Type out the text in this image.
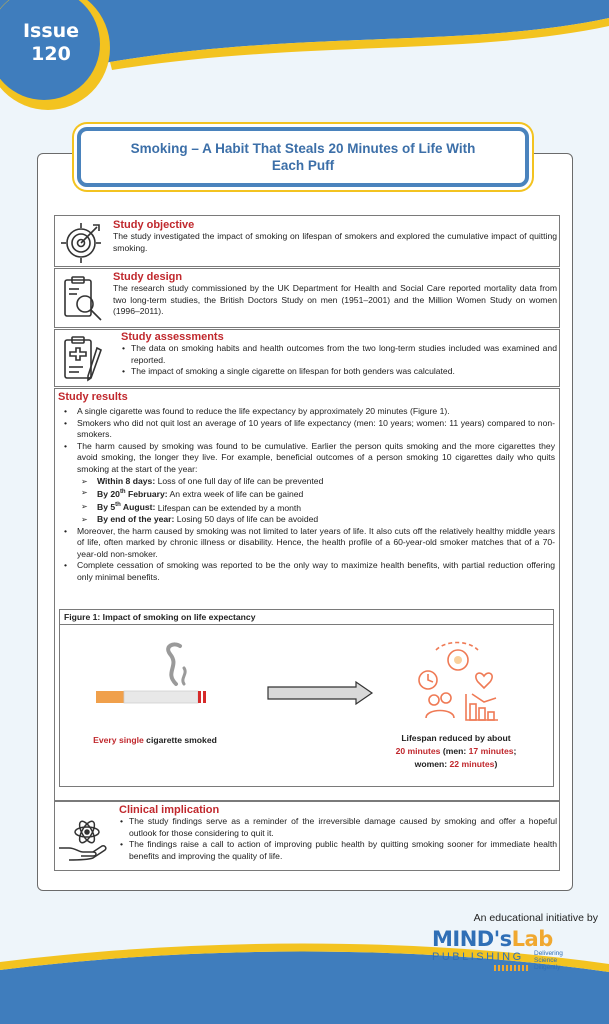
Issue
120
Smoking – A Habit That Steals 20 Minutes of Life With
Each Puff
Study objective

The study investigated the impact of smoking on lifespan of smokers and explored the cumulative impact of quitting smoking.

Study design

The research study commissioned by the UK Department for Health and Social Care reported mortality data from two long-term studies, the British Doctors Study on men (1951–2001) and the Million Women Study on women (1996–2011).

Study assessments
• The data on smoking habits and health outcomes from the two long-term studies included was examined and reported.
• The impact of smoking a single cigarette on lifespan for both genders was calculated.
Study results
• A single cigarette was found to reduce the life expectancy by approximately 20 minutes (Figure 1).
• Smokers who did not quit lost an average of 10 years of life expectancy (men: 10 years; women: 11 years) compared to non-smokers.
• The harm caused by smoking was found to be cumulative. Earlier the person quits smoking and the more cigarettes they avoid smoking, the longer they live. For example, beneficial outcomes of a person smoking 10 cigarettes daily who quits smoking at the start of the year:
➢ Within 8 days: Loss of one full day of life can be prevented
➢ By 20th February: An extra week of life can be gained
➢ By 5th August: Lifespan can be extended by a month
➢ By end of the year: Losing 50 days of life can be avoided
• Moreover, the harm caused by smoking was not limited to later years of life. It also cuts off the relatively healthy middle years of life, often marked by chronic illness or disability. Hence, the health profile of a 60-year-old smoker matches that of a 70-year-old non-smoker.
• Complete cessation of smoking was reported to be the only way to maximize health benefits, with partial reduction offering only minimal benefits.
Figure 1: Impact of smoking on life expectancy
Every single cigarette smoked	Lifespan reduced by about
20 minutes (men: 17 minutes;
women: 22 minutes)
Clinical implication
• The study findings serve as a reminder of the irreversible damage caused by smoking and offer a hopeful outlook for those considering to quit it.
• The findings raise a call to action of improving public health by quitting smoking sooner for immediate health benefits and improving the quality of life.
An educational initiative by
MIND'sLab
PUBLISHING Delivering
Science
Diligently
